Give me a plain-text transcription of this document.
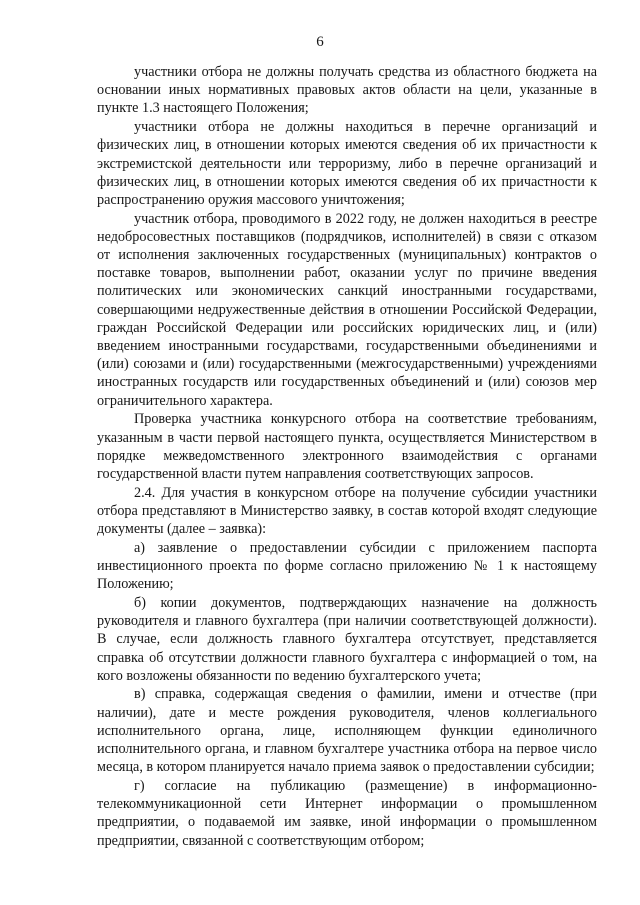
6

участники отбора не должны получать средства из областного бюджета на основании иных нормативных правовых актов области на цели, указанные в пункте 1.3 настоящего Положения;

участники отбора не должны находиться в перечне организаций и физических лиц, в отношении которых имеются сведения об их причастности к экстремистской деятельности или терроризму, либо в перечне организаций и физических лиц, в отношении которых имеются сведения об их причастности к распространению оружия массового уничтожения;

участник отбора, проводимого в 2022 году, не должен находиться в реестре недобросовестных поставщиков (подрядчиков, исполнителей) в связи с отказом от исполнения заключенных государственных (муниципальных) контрактов о поставке товаров, выполнении работ, оказании услуг по причине введения политических или экономических санкций иностранными государствами, совершающими недружественные действия в отношении Российской Федерации, граждан Российской Федерации или российских юридических лиц, и (или) введением иностранными государствами, государственными объединениями и (или) союзами и (или) государственными (межгосударственными) учреждениями иностранных государств или государственных объединений и (или) союзов мер ограничительного характера.

Проверка участника конкурсного отбора на соответствие требованиям, указанным в части первой настоящего пункта, осуществляется Министерством в порядке межведомственного электронного взаимодействия с органами государственной власти путем направления соответствующих запросов.

2.4. Для участия в конкурсном отборе на получение субсидии участники отбора представляют в Министерство заявку, в состав которой входят следующие документы (далее – заявка):

а) заявление о предоставлении субсидии с приложением паспорта инвестиционного проекта по форме согласно приложению № 1 к настоящему Положению;

б) копии документов, подтверждающих назначение на должность руководителя и главного бухгалтера (при наличии соответствующей должности). В случае, если должность главного бухгалтера отсутствует, представляется справка об отсутствии должности главного бухгалтера с информацией о том, на кого возложены обязанности по ведению бухгалтерского учета;

в) справка, содержащая сведения о фамилии, имени и отчестве (при наличии), дате и месте рождения руководителя, членов коллегиального исполнительного органа, лице, исполняющем функции единоличного исполнительного органа, и главном бухгалтере участника отбора на первое число месяца, в котором планируется начало приема заявок о предоставлении субсидии;

г) согласие на публикацию (размещение) в информационно-телекоммуникационной сети Интернет информации о промышленном предприятии, о подаваемой им заявке, иной информации о промышленном предприятии, связанной с соответствующим отбором;
